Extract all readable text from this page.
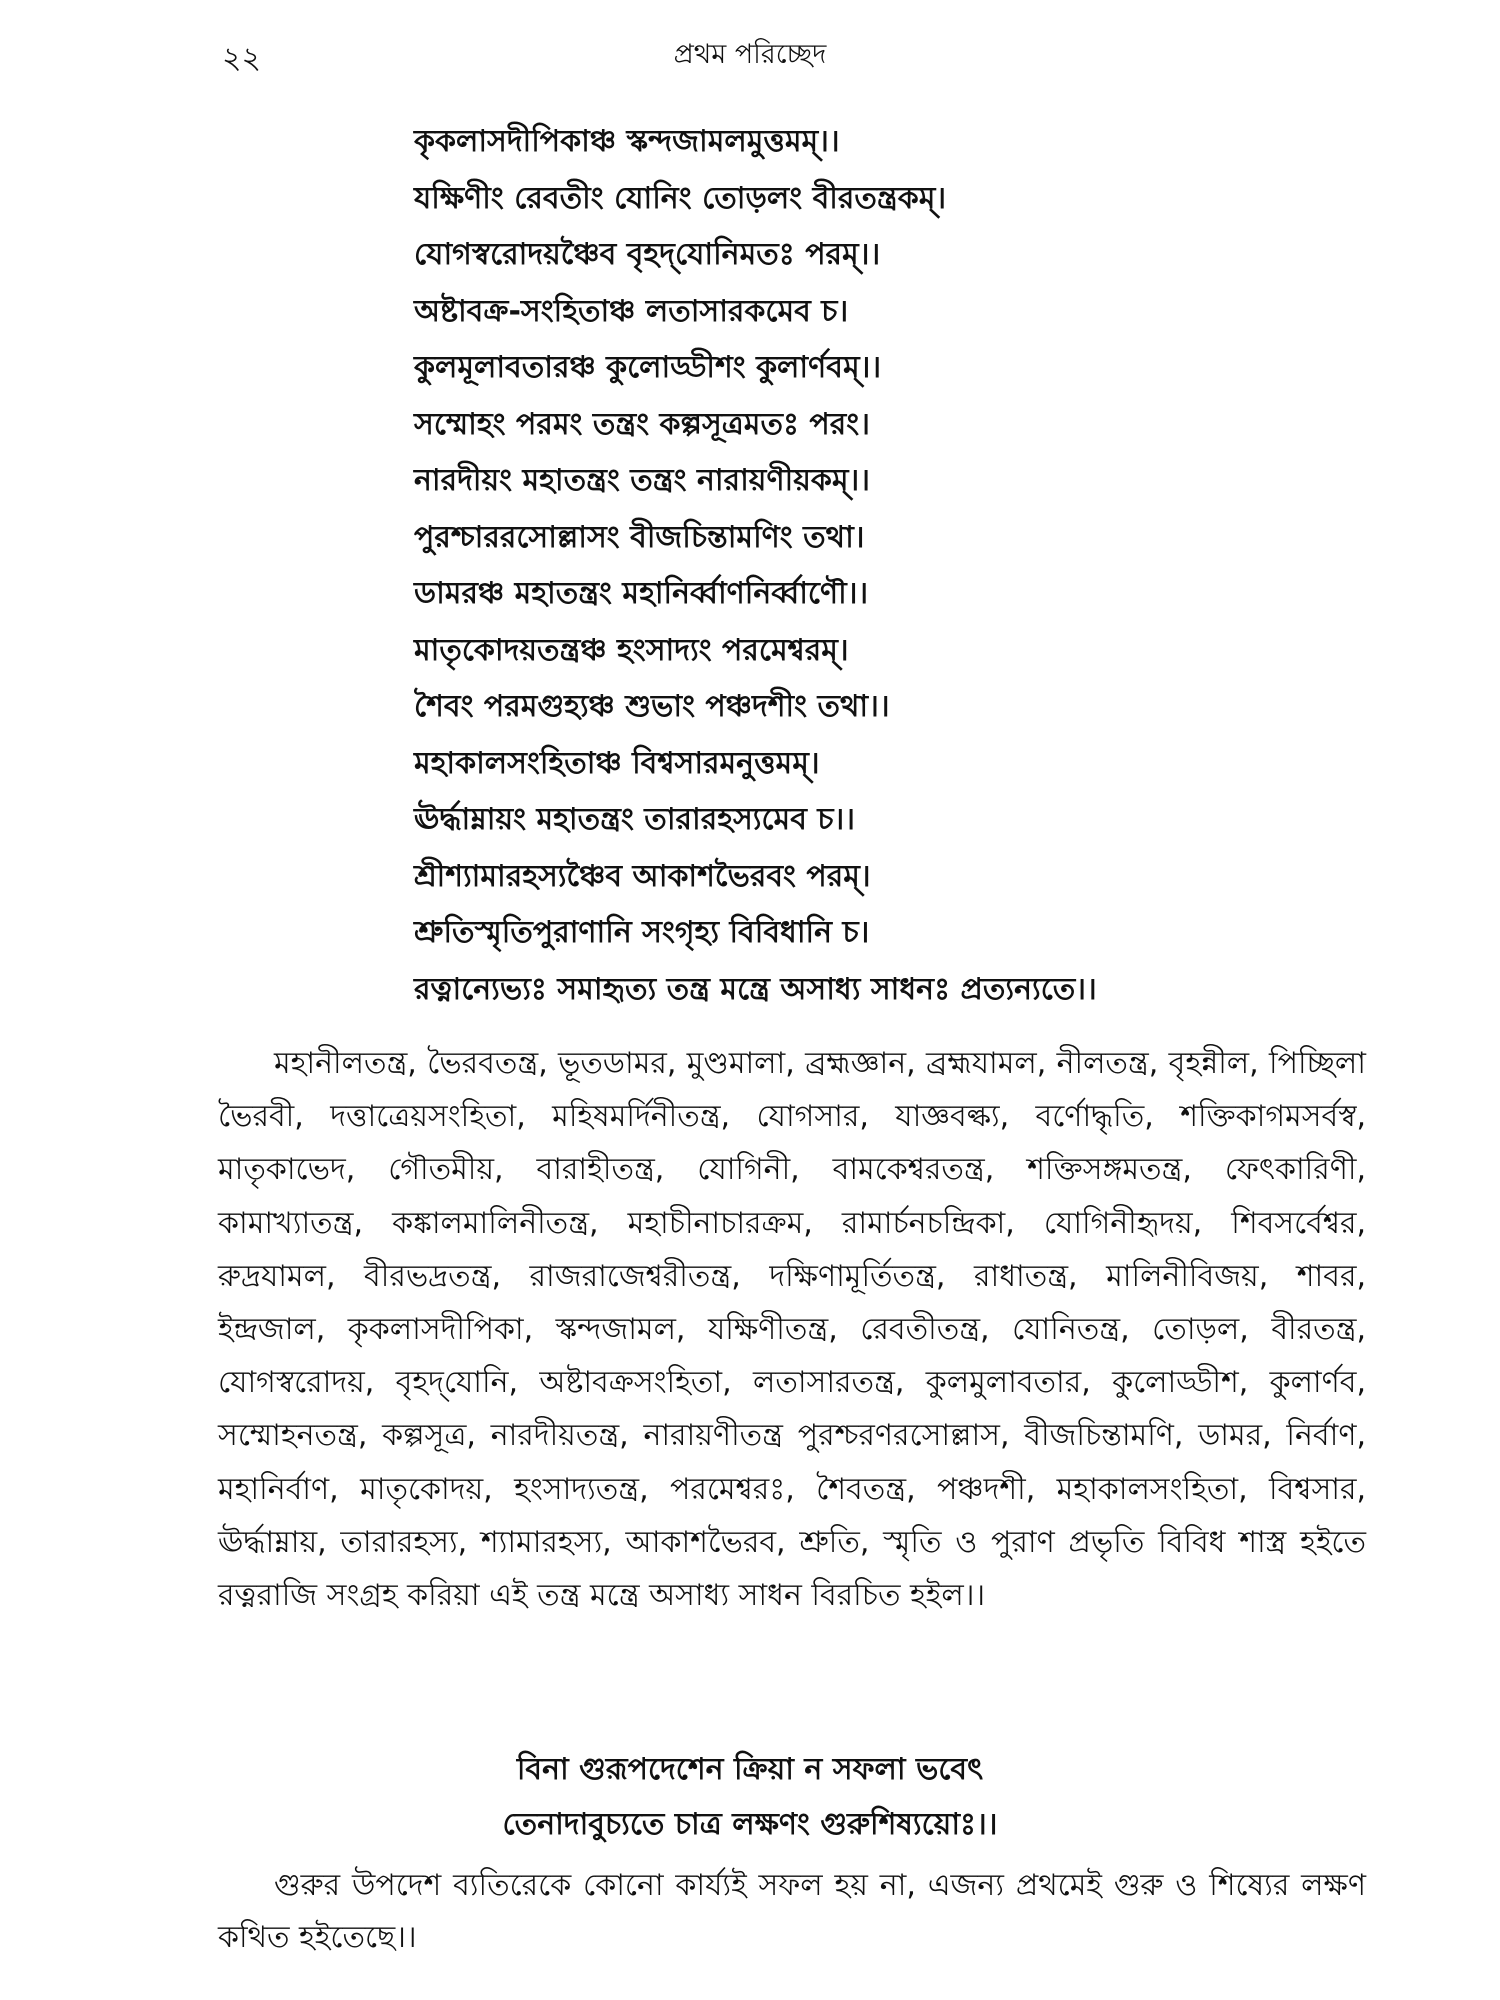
২২	প্রথম পরিচ্ছেদ
কৃকলাসদীপিকাঞ্চ স্কন্দজামলমুত্তমম্।।
যক্ষিণীং রেবতীং যোনিং তোড়লং বীরতন্ত্রকম্।
যোগস্বরোদয়ঞ্চৈব বৃহদ্‌যোনিমতঃ পরম্।।
অষ্টাবক্র-সংহিতাঞ্চ লতাসারকমেব চ।
কুলমূলাবতারঞ্চ কুলোড্ডীশং কুলার্ণবম্।।
সম্মোহং পরমং তন্ত্রং কল্পসূত্রমতঃ পরং।
নারদীয়ং মহাতন্ত্রং তন্ত্রং নারায়ণীয়কম্।।
পুরশ্চাররসোল্লাসং বীজচিন্তামণিং তথা।
ডামরঞ্চ মহাতন্ত্রং মহানির্ব্বাণনির্ব্বাণৌ।।
মাতৃকোদয়তন্ত্রঞ্চ হংসাদ্যং পরমেশ্বরম্।
শৈবং পরমগুহ্যঞ্চ শুভাং পঞ্চদশীং তথা।।
মহাকালসংহিতাঞ্চ বিশ্বসারমনুত্তমম্।
ঊর্দ্ধাম্নায়ং মহাতন্ত্রং তারারহস্যমেব চ।।
শ্রীশ্যামারহস্যঞ্চৈব আকাশভৈরবং পরম্।
শ্রুতিস্মৃতিপুরাণানি সংগৃহ্য বিবিধানি চ।
রত্নান্যেভ্যঃ সমাহৃত্য তন্ত্র মন্ত্রে অসাধ্য সাধনঃ প্রত্যন্যতে।।

মহানীলতন্ত্র, ভৈরবতন্ত্র, ভূতডামর, মুণ্ডমালা, ব্রহ্মজ্ঞান, ব্রহ্মযামল, নীলতন্ত্র, বৃহন্নীল, পিচ্ছিলা ভৈরবী, দত্তাত্রেয়সংহিতা, মহিষমর্দিনীতন্ত্র, যোগসার, যাজ্ঞবল্ক্য, বর্ণোদ্ধৃতি, শক্তিকাগমসর্বস্ব, মাতৃকাভেদ, গৌতমীয়, বারাহীতন্ত্র, যোগিনী, বামকেশ্বরতন্ত্র, শক্তিসঙ্গমতন্ত্র, ফেৎকারিণী, কামাখ্যাতন্ত্র, কঙ্কালমালিনীতন্ত্র, মহাচীনাচারক্রম, রামার্চনচন্দ্রিকা, যোগিনীহৃদয়, শিবসর্বেশ্বর, রুদ্রযামল, বীরভদ্রতন্ত্র, রাজরাজেশ্বরীতন্ত্র, দক্ষিণামূর্তিতন্ত্র, রাধাতন্ত্র, মালিনীবিজয়, শাবর, ইন্দ্রজাল, কৃকলাসদীপিকা, স্কন্দজামল, যক্ষিণীতন্ত্র, রেবতীতন্ত্র, যোনিতন্ত্র, তোড়ল, বীরতন্ত্র, যোগস্বরোদয়, বৃহদ্‌যোনি, অষ্টাবক্রসংহিতা, লতাসারতন্ত্র, কুলমুলাবতার, কুলোড্ডীশ, কুলার্ণব, সম্মোহনতন্ত্র, কল্পসূত্র, নারদীয়তন্ত্র, নারায়ণীতন্ত্র পুরশ্চরণরসোল্লাস, বীজচিন্তামণি, ডামর, নির্বাণ, মহানির্বাণ, মাতৃকোদয়, হংসাদ্যতন্ত্র, পরমেশ্বরঃ, শৈবতন্ত্র, পঞ্চদশী, মহাকালসংহিতা, বিশ্বসার, ঊর্দ্ধাম্নায়, তারারহস্য, শ্যামারহস্য, আকাশভৈরব, শ্রুতি, স্মৃতি ও পুরাণ প্রভৃতি বিবিধ শাস্ত্র হইতে রত্নরাজি সংগ্রহ করিয়া এই তন্ত্র মন্ত্রে অসাধ্য সাধন বিরচিত হইল।।

বিনা গুরূপদেশেন ক্রিয়া ন সফলা ভবেৎ
তেনাদাবুচ্যতে চাত্র লক্ষণং গুরুশিষ্যয়োঃ।।

গুরুর উপদেশ ব্যতিরেকে কোনো কার্য্যই সফল হয় না, এজন্য প্রথমেই গুরু ও শিষ্যের লক্ষণ কথিত হইতেছে।।
